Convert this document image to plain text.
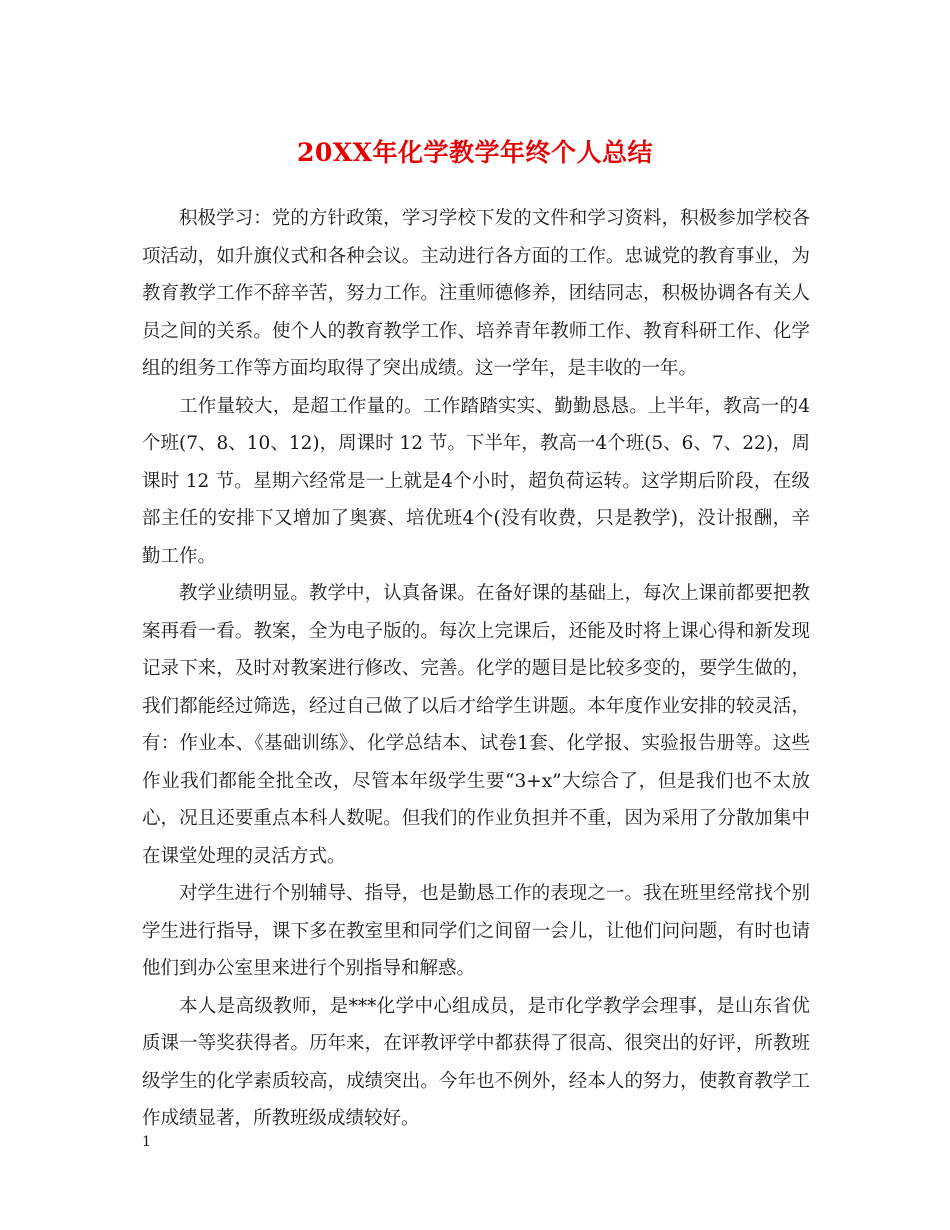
20XX年化学教学年终个人总结

积极学习：党的方针政策，学习学校下发的文件和学习资料，积极参加学校各项活动，如升旗仪式和各种会议。主动进行各方面的工作。忠诚党的教育事业，为教育教学工作不辞辛苦，努力工作。注重师德修养，团结同志，积极协调各有关人员之间的关系。使个人的教育教学工作、培养青年教师工作、教育科研工作、化学组的组务工作等方面均取得了突出成绩。这一学年，是丰收的一年。

工作量较大，是超工作量的。工作踏踏实实、勤勤恳恳。上半年，教高一的4个班(7、8、10、12)，周课时 12 节。下半年，教高一4个班(5、6、7、22)，周课时 12 节。星期六经常是一上就是4个小时，超负荷运转。这学期后阶段，在级部主任的安排下又增加了奥赛、培优班4个(没有收费，只是教学)，没计报酬，辛勤工作。

教学业绩明显。教学中，认真备课。在备好课的基础上，每次上课前都要把教案再看一看。教案，全为电子版的。每次上完课后，还能及时将上课心得和新发现记录下来，及时对教案进行修改、完善。化学的题目是比较多变的，要学生做的，我们都能经过筛选，经过自己做了以后才给学生讲题。本年度作业安排的较灵活，有：作业本、《基础训练》、化学总结本、试卷1套、化学报、实验报告册等。这些作业我们都能全批全改，尽管本年级学生要“3+x”大综合了，但是我们也不太放心，况且还要重点本科人数呢。但我们的作业负担并不重，因为采用了分散加集中在课堂处理的灵活方式。

对学生进行个别辅导、指导，也是勤恳工作的表现之一。我在班里经常找个别学生进行指导，课下多在教室里和同学们之间留一会儿，让他们问问题，有时也请他们到办公室里来进行个别指导和解惑。

本人是高级教师，是***化学中心组成员，是市化学教学会理事，是山东省优质课一等奖获得者。历年来，在评教评学中都获得了很高、很突出的好评，所教班级学生的化学素质较高，成绩突出。今年也不例外，经本人的努力，使教育教学工作成绩显著，所教班级成绩较好。

1
